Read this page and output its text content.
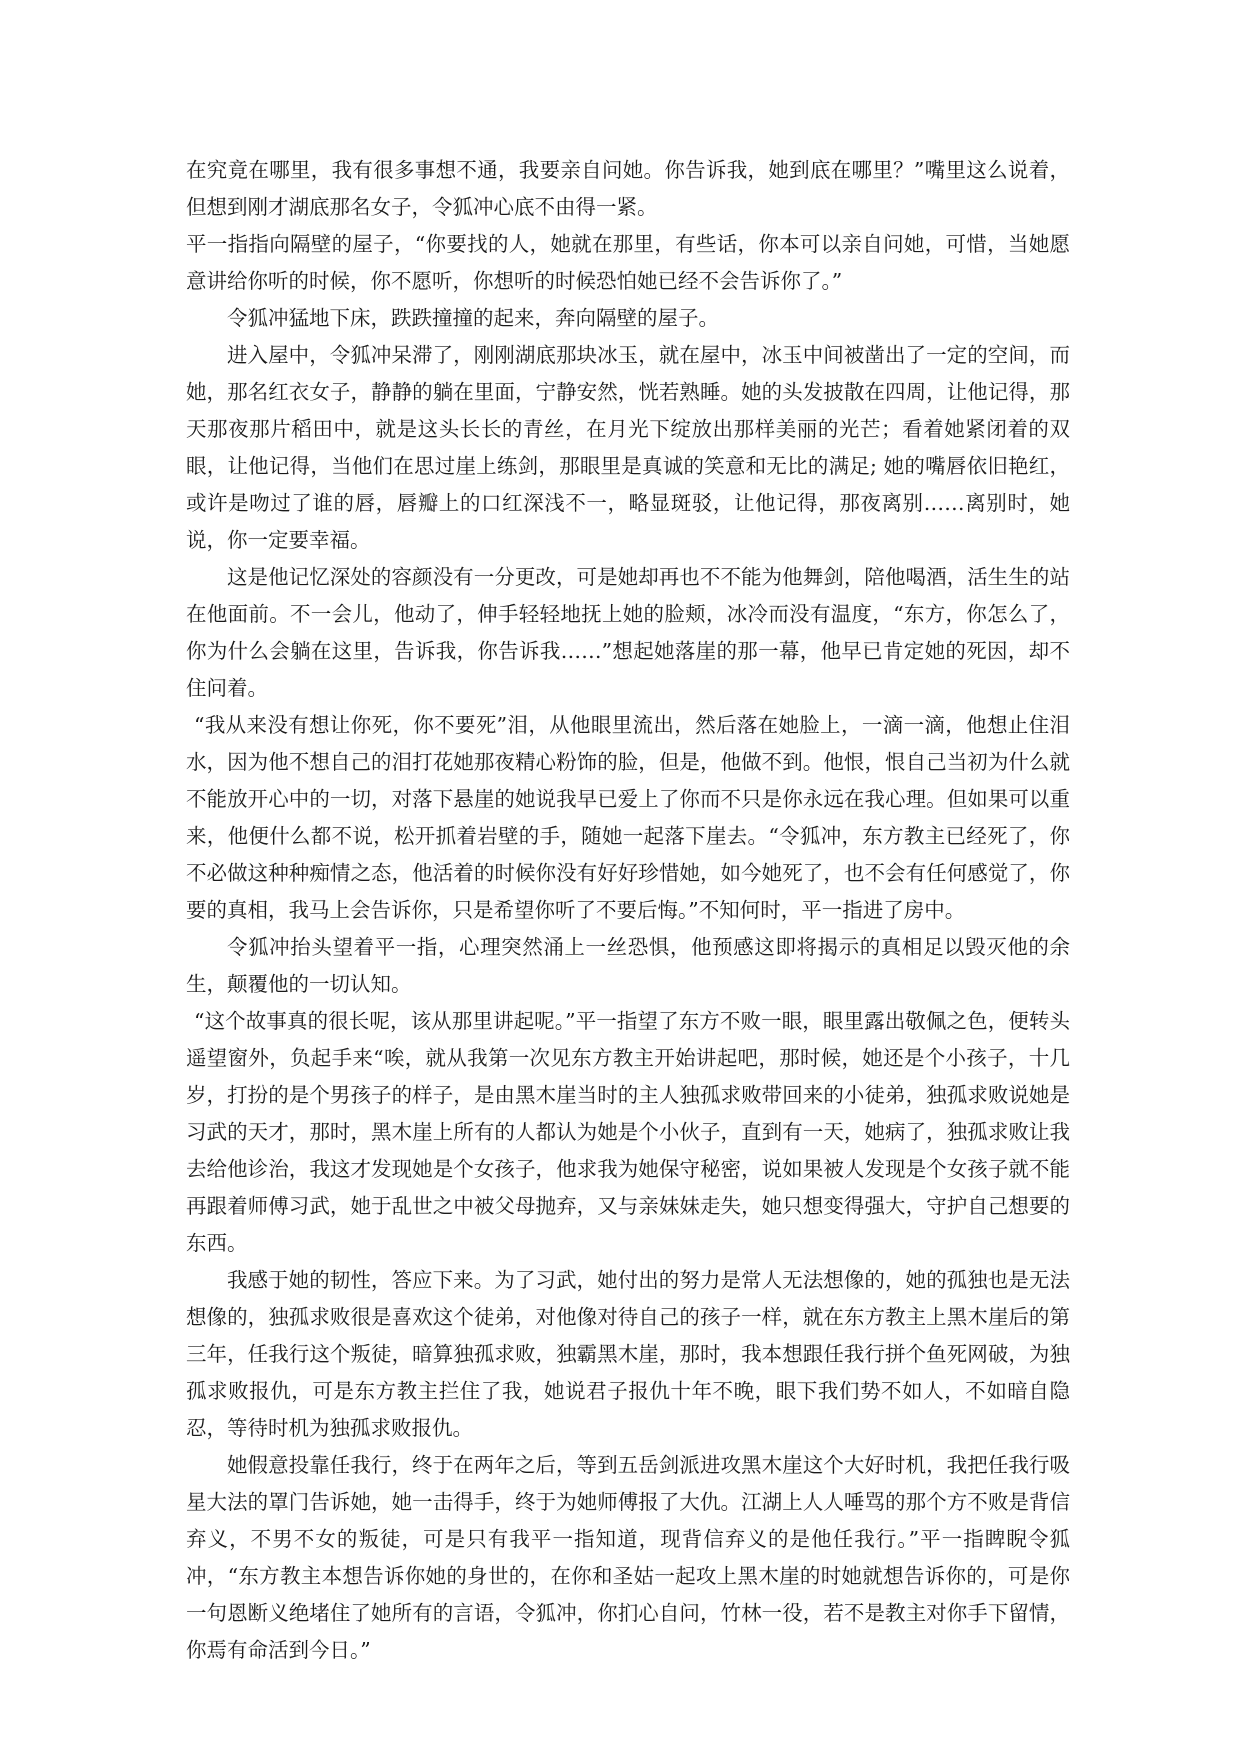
在究竟在哪里，我有很多事想不通，我要亲自问她。你告诉我，她到底在哪里？”嘴里这么说着，但想到刚才湖底那名女子，令狐冲心底不由得一紧。

平一指指向隔壁的屋子，“你要找的人，她就在那里，有些话，你本可以亲自问她，可惜，当她愿意讲给你听的时候，你不愿听，你想听的时候恐怕她已经不会告诉你了。”

令狐冲猛地下床，跌跌撞撞的起来，奔向隔壁的屋子。

进入屋中，令狐冲呆滞了，刚刚湖底那块冰玉，就在屋中，冰玉中间被凿出了一定的空间，而她，那名红衣女子，静静的躺在里面，宁静安然，恍若熟睡。她的头发披散在四周，让他记得，那天那夜那片稻田中，就是这头长长的青丝，在月光下绽放出那样美丽的光芒；看着她紧闭着的双眼，让他记得，当他们在思过崖上练剑，那眼里是真诚的笑意和无比的满足; 她的嘴唇依旧艳红，或许是吻过了谁的唇，唇瓣上的口红深浅不一，略显斑驳，让他记得，那夜离别……离别时，她说，你一定要幸福。

这是他记忆深处的容颜没有一分更改，可是她却再也不不能为他舞剑，陪他喝酒，活生生的站在他面前。不一会儿，他动了，伸手轻轻地抚上她的脸颊，冰冷而没有温度，“东方，你怎么了，你为什么会躺在这里，告诉我，你告诉我……”想起她落崖的那一幕，他早已肯定她的死因，却不住问着。

“我从来没有想让你死，你不要死”泪，从他眼里流出，然后落在她脸上，一滴一滴，他想止住泪水，因为他不想自己的泪打花她那夜精心粉饰的脸，但是，他做不到。他恨，恨自己当初为什么就不能放开心中的一切，对落下悬崖的她说我早已爱上了你而不只是你永远在我心理。但如果可以重来，他便什么都不说，松开抓着岩壁的手，随她一起落下崖去。“令狐冲，东方教主已经死了，你不必做这种种痴情之态，他活着的时候你没有好好珍惜她，如今她死了，也不会有任何感觉了，你要的真相，我马上会告诉你，只是希望你听了不要后悔。”不知何时，平一指进了房中。

令狐冲抬头望着平一指，心理突然涌上一丝恐惧，他预感这即将揭示的真相足以毁灭他的余生，颠覆他的一切认知。

“这个故事真的很长呢，该从那里讲起呢。”平一指望了东方不败一眼，眼里露出敬佩之色，便转头遥望窗外，负起手来“唉，就从我第一次见东方教主开始讲起吧，那时候，她还是个小孩子，十几岁，打扮的是个男孩子的样子，是由黑木崖当时的主人独孤求败带回来的小徒弟，独孤求败说她是习武的天才，那时，黑木崖上所有的人都认为她是个小伙子，直到有一天，她病了，独孤求败让我去给他诊治，我这才发现她是个女孩子，他求我为她保守秘密，说如果被人发现是个女孩子就不能再跟着师傅习武，她于乱世之中被父母抛弃，又与亲妹妹走失，她只想变得强大，守护自己想要的东西。

我感于她的韧性，答应下来。为了习武，她付出的努力是常人无法想像的，她的孤独也是无法想像的，独孤求败很是喜欢这个徒弟，对他像对待自己的孩子一样，就在东方教主上黑木崖后的第三年，任我行这个叛徒，暗算独孤求败，独霸黑木崖，那时，我本想跟任我行拼个鱼死网破，为独孤求败报仇，可是东方教主拦住了我，她说君子报仇十年不晚，眼下我们势不如人，不如暗自隐忍，等待时机为独孤求败报仇。

她假意投靠任我行，终于在两年之后，等到五岳剑派进攻黑木崖这个大好时机，我把任我行吸星大法的罩门告诉她，她一击得手，终于为她师傅报了大仇。江湖上人人唾骂的那个方不败是背信弃义，不男不女的叛徒，可是只有我平一指知道，现背信弃义的是他任我行。”平一指睥睨令狐冲，“东方教主本想告诉你她的身世的，在你和圣姑一起攻上黑木崖的时她就想告诉你的，可是你一句恩断义绝堵住了她所有的言语，令狐冲，你扪心自问，竹林一役，若不是教主对你手下留情，你焉有命活到今日。”
